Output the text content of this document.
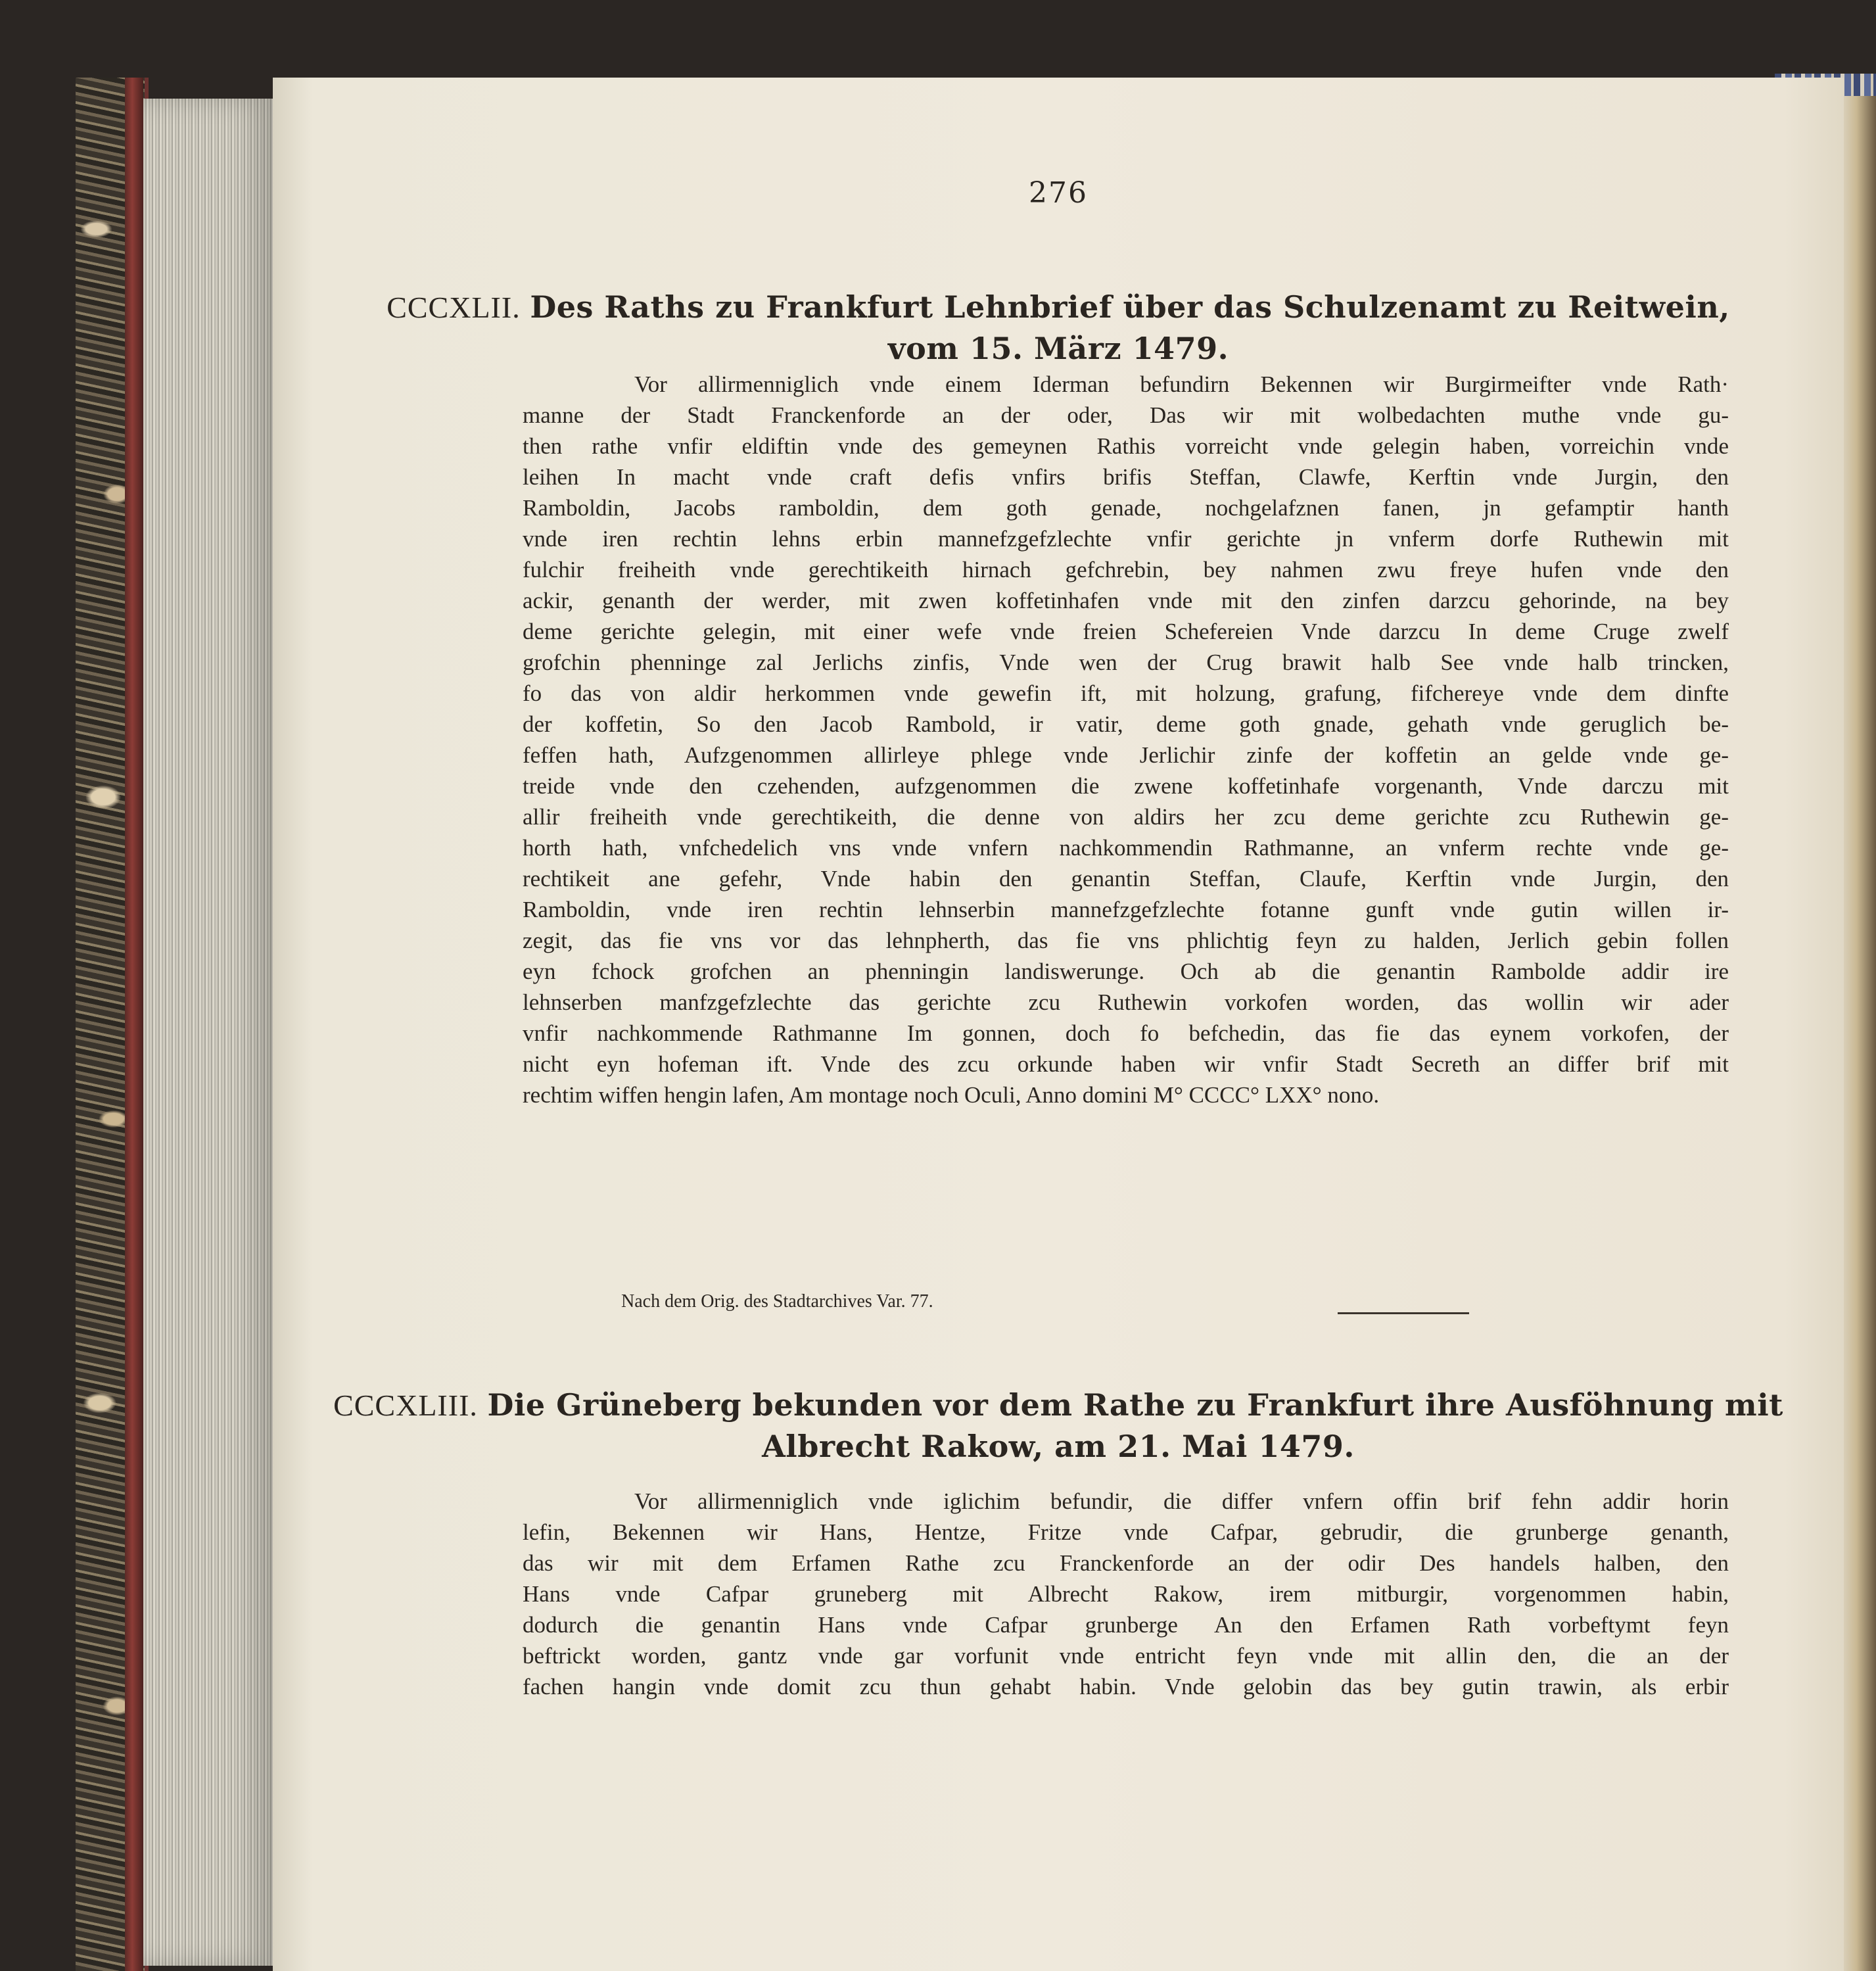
276
CCCXLII. Des Raths zu Frankfurt Lehnbrief über das Schulzenamt zu Reitwein,
vom 15. März 1479.
Vor allirmenniglich vnde einem Iderman befundirn Bekennen wir Burgirmeifter vnde Rath·
manne der Stadt Franckenforde an der oder, Das wir mit wolbedachten muthe vnde gu-
then rathe vnfir eldiftin vnde des gemeynen Rathis vorreicht vnde gelegin haben, vorreichin vnde
leihen In macht vnde craft defis vnfirs brifis Steffan, Clawfe, Kerftin vnde Jurgin, den
Ramboldin, Jacobs ramboldin, dem goth genade, nochgelafznen fanen, jn gefamptir hanth
vnde iren rechtin lehns erbin mannefzgefzlechte vnfir gerichte jn vnferm dorfe Ruthewin mit
fulchir freiheith vnde gerechtikeith hirnach gefchrebin, bey nahmen zwu freye hufen vnde den
ackir, genanth der werder, mit zwen koffetinhafen vnde mit den zinfen darzcu gehorinde, na bey
deme gerichte gelegin, mit einer wefe vnde freien Schefereien Vnde darzcu In deme Cruge zwelf
grofchin phenninge zal Jerlichs zinfis, Vnde wen der Crug brawit halb See vnde halb trincken,
fo das von aldir herkommen vnde gewefin ift, mit holzung, grafung, fifchereye vnde dem dinfte
der koffetin, So den Jacob Rambold, ir vatir, deme goth gnade, gehath vnde geruglich be-
feffen hath, Aufzgenommen allirleye phlege vnde Jerlichir zinfe der koffetin an gelde vnde ge-
treide vnde den czehenden, aufzgenommen die zwene koffetinhafe vorgenanth, Vnde darczu mit
allir freiheith vnde gerechtikeith, die denne von aldirs her zcu deme gerichte zcu Ruthewin ge-
horth hath, vnfchedelich vns vnde vnfern nachkommendin Rathmanne, an vnferm rechte vnde ge-
rechtikeit ane gefehr, Vnde habin den genantin Steffan, Claufe, Kerftin vnde Jurgin, den
Ramboldin, vnde iren rechtin lehnserbin mannefzgefzlechte fotanne gunft vnde gutin willen ir-
zegit, das fie vns vor das lehnpherth, das fie vns phlichtig feyn zu halden, Jerlich gebin follen
eyn fchock grofchen an phenningin landiswerunge. Och ab die genantin Rambolde addir ire
lehnserben manfzgefzlechte das gerichte zcu Ruthewin vorkofen worden, das wollin wir ader
vnfir nachkommende Rathmanne Im gonnen, doch fo befchedin, das fie das eynem vorkofen, der
nicht eyn hofeman ift. Vnde des zcu orkunde haben wir vnfir Stadt Secreth an differ brif mit
rechtim wiffen hengin lafen, Am montage noch Oculi, Anno domini M° CCCC° LXX° nono.
Nach dem Orig. des Stadtarchives Var. 77.
CCCXLIII. Die Grüneberg bekunden vor dem Rathe zu Frankfurt ihre Ausföhnung mit
Albrecht Rakow, am 21. Mai 1479.
Vor allirmenniglich vnde iglichim befundir, die differ vnfern offin brif fehn addir horin
lefin, Bekennen wir Hans, Hentze, Fritze vnde Cafpar, gebrudir, die grunberge genanth,
das wir mit dem Erfamen Rathe zcu Franckenforde an der odir Des handels halben, den
Hans vnde Cafpar gruneberg mit Albrecht Rakow, irem mitburgir, vorgenommen habin,
dodurch die genantin Hans vnde Cafpar grunberge An den Erfamen Rath vorbeftymt feyn
beftrickt worden, gantz vnde gar vorfunit vnde entricht feyn vnde mit allin den, die an der
fachen hangin vnde domit zcu thun gehabt habin. Vnde gelobin das bey gutin trawin, als erbir
